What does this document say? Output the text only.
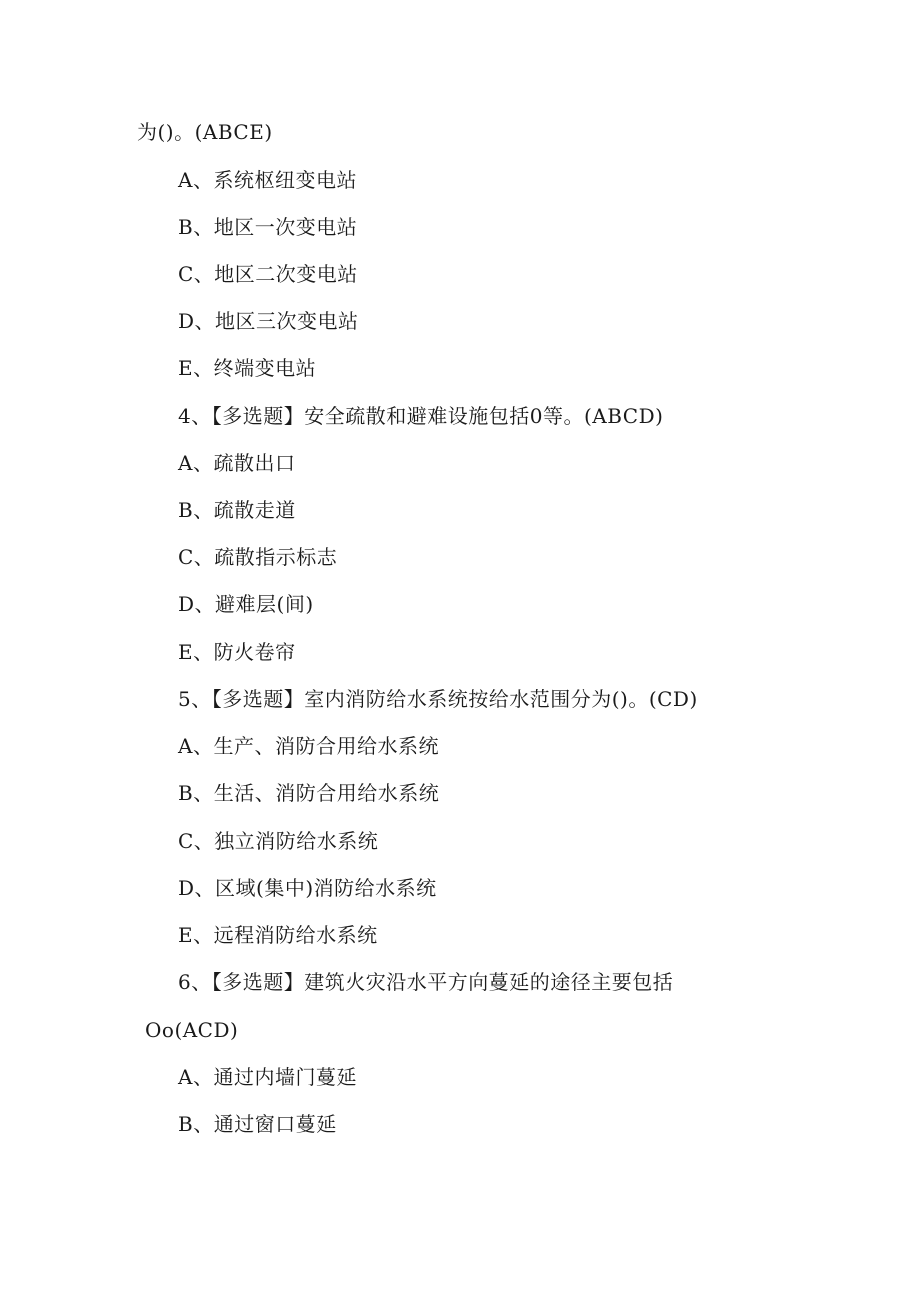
为()。(ABCE)
A、系统枢纽变电站
B、地区一次变电站
C、地区二次变电站
D、地区三次变电站
E、终端变电站
4、【多选题】安全疏散和避难设施包括0等。(ABCD)
A、疏散出口
B、疏散走道
C、疏散指示标志
D、避难层(间)
E、防火卷帘
5、【多选题】室内消防给水系统按给水范围分为()。(CD)
A、生产、消防合用给水系统
B、生活、消防合用给水系统
C、独立消防给水系统
D、区域(集中)消防给水系统
E、远程消防给水系统
6、【多选题】建筑火灾沿水平方向蔓延的途径主要包括
Oo(ACD)
A、通过内墙门蔓延
B、通过窗口蔓延
